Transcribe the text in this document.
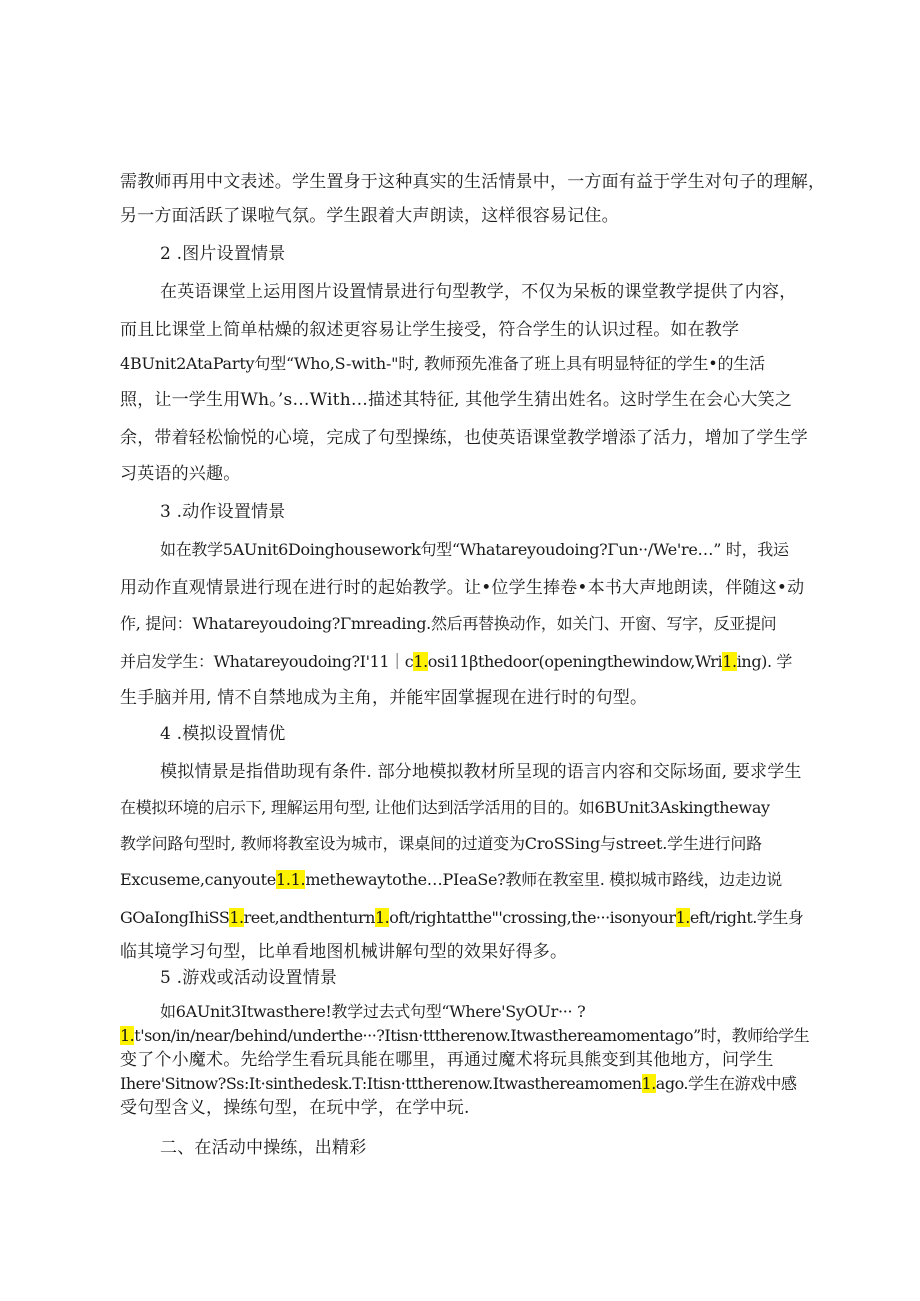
需教师再用中文表述。学生置身于这种真实的生活情景中，一方面有益于学生对句子的理解，
另一方面活跃了课啦气氛。学生跟着大声朗读，这样很容易记住。
2 .图片设置情景
在英语课堂上运用图片设置情景进行句型教学，不仅为呆板的课堂教学提供了内容，
而且比课堂上简单枯燥的叙述更容易让学生接受，符合学生的认识过程。如在教学
4BUnit2AtaParty句型“Who,S-with-"时, 教师预先准备了班上具有明显特征的学生•的生活
照，让一学生用Wh。’s…With…描述其特征, 其他学生猜出姓名。这时学生在会心大笑之
余，带着轻松愉悦的心境，完成了句型操练，也使英语课堂教学增添了活力，增加了学生学
习英语的兴趣。
3 .动作设置情景
如在教学5AUnit6Doinghousework句型“Whatareyoudoing?Γun··/We're…” 时，我运
用动作直观情景进行现在进行时的起始教学。让•位学生捧卷•本书大声地朗读，伴随这•动
作, 提问：Whatareyoudoing?Γmreading.然后再替换动作，如关门、开窗、写字，反亚提问
并启发学生：Whatareyoudoing?I'11｜c1.osi11βthedoor(openingthewindow,Wri1.ing). 学
生手脑并用, 情不自禁地成为主角，并能牢固掌握现在进行时的句型。
4 .模拟设置情优
模拟情景是指借助现有条件. 部分地模拟教材所呈现的语言内容和交际场面, 要求学生
在模拟环境的启示下, 理解运用句型, 让他们达到活学活用的目的。如6BUnit3Askingtheway
教学问路句型时, 教师将教室设为城市，课桌间的过道变为CroSSing与street.学生进行问路
Excuseme,canyoute1.1.methewaytothe…PIeaSe?教师在教室里. 模拟城市路线，边走边说
GOaIongIhiSS1.reet,andthenturn1.oft/rightatthe"'crossing,the···isonyour1.eft/right.学生身
临其境学习句型，比单看地图机械讲解句型的效果好得多。
5 .游戏或活动设置情景
如6AUnit3Itwasthere!教学过去式句型“Where'SyOUr··· ?
1.t'son/in/near/behind/underthe···?Itisn·tttherenow.Itwasthereamomentago”时，教师给学生
变了个小魔术。先给学生看玩具能在哪里，再通过魔术将玩具熊变到其他地方，问学生
Ihere'Sitnow?Ss:It·sinthedesk.T:Itisn·tttherenow.Itwasthereamomen1.ago.学生在游戏中感
受句型含义，操练句型，在玩中学，在学中玩.
二、在活动中操练，出精彩
